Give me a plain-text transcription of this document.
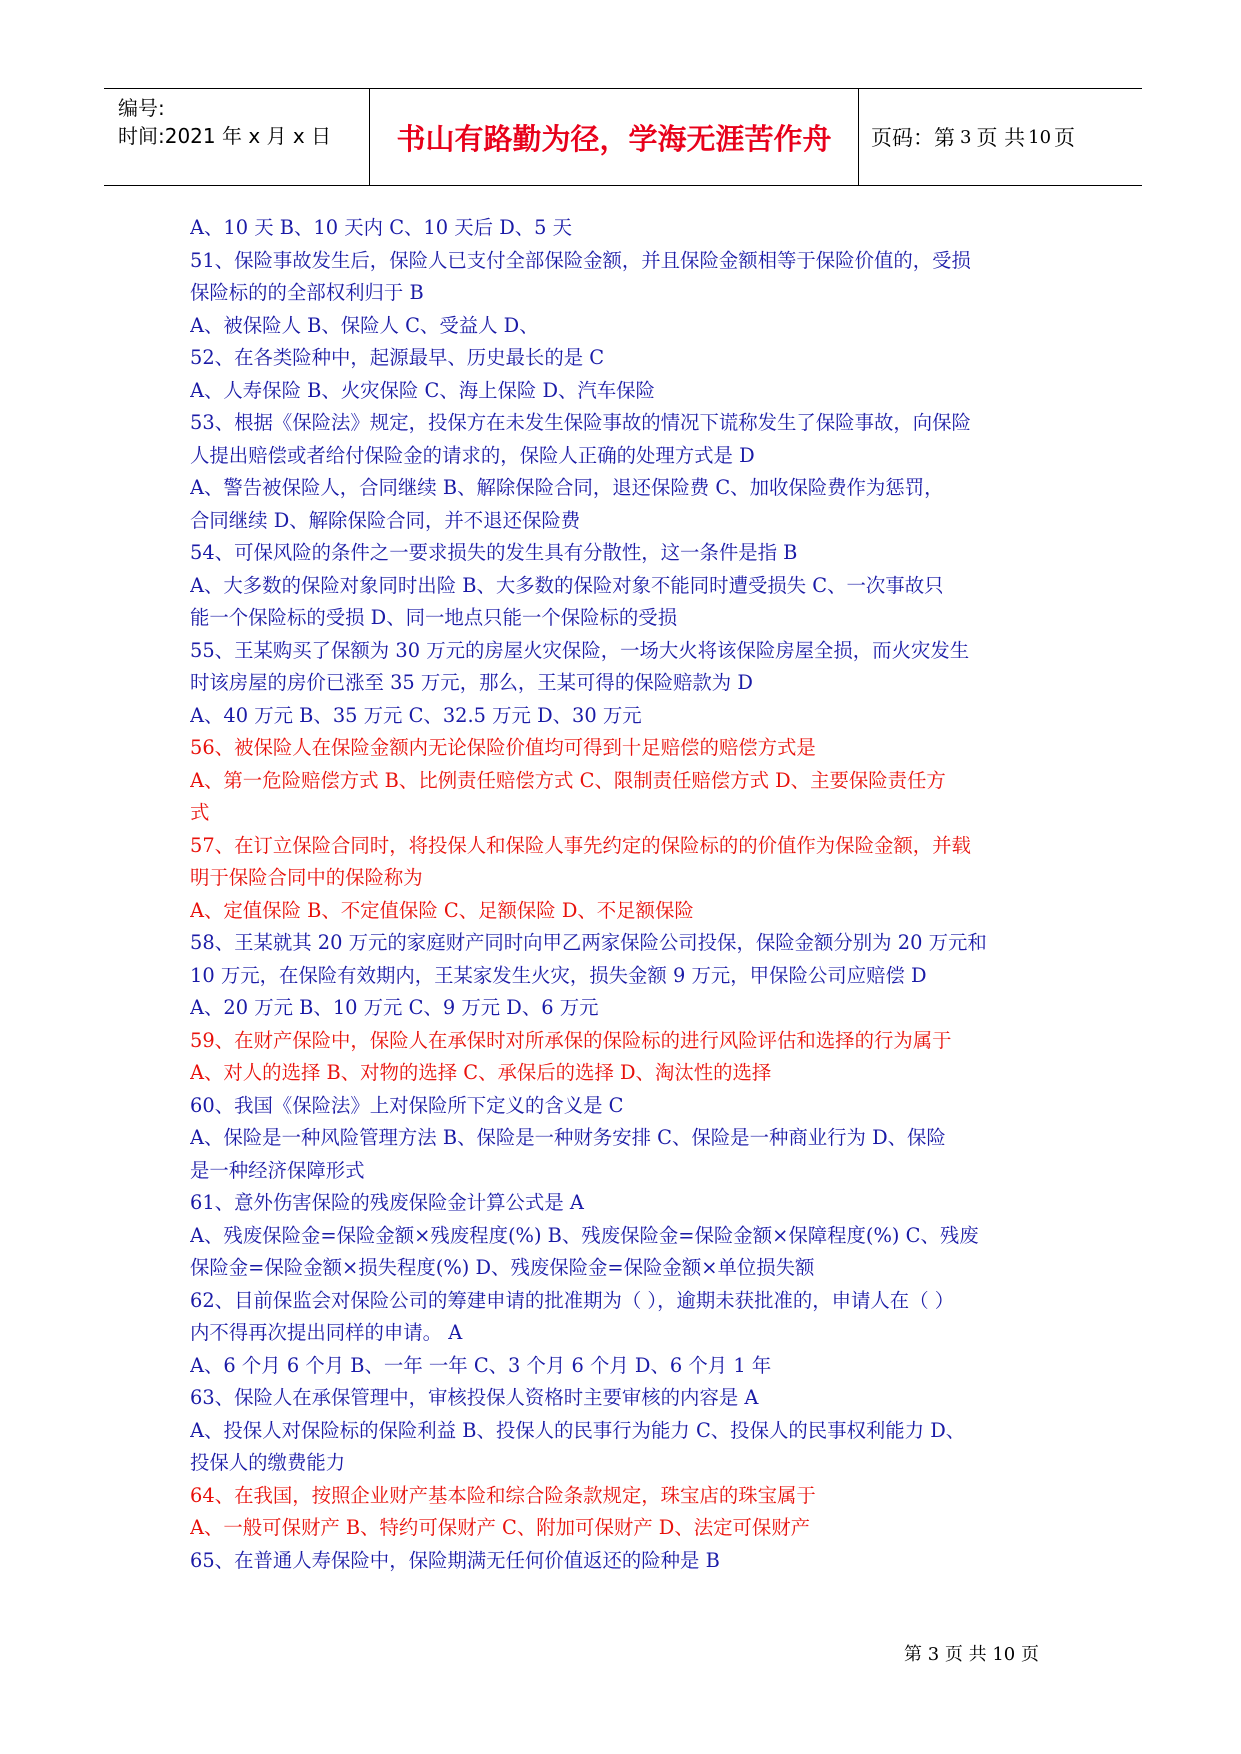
编号:
时间:2021 年 x 月 x 日	书山有路勤为径，学海无涯苦作舟	页码：第 3 页 共 10 页
A、10 天 B、10 天内 C、10 天后 D、5 天
51、保险事故发生后，保险人已支付全部保险金额，并且保险金额相等于保险价值的，受损
保险标的的全部权利归于 B
A、被保险人 B、保险人 C、受益人 D、
52、在各类险种中，起源最早、历史最长的是 C
A、人寿保险 B、火灾保险 C、海上保险 D、汽车保险
53、根据《保险法》规定，投保方在未发生保险事故的情况下谎称发生了保险事故，向保险
人提出赔偿或者给付保险金的请求的，保险人正确的处理方式是 D
A、警告被保险人，合同继续 B、解除保险合同，退还保险费 C、加收保险费作为惩罚，
合同继续 D、解除保险合同，并不退还保险费
54、可保风险的条件之一要求损失的发生具有分散性，这一条件是指 B
A、大多数的保险对象同时出险 B、大多数的保险对象不能同时遭受损失 C、一次事故只
能一个保险标的受损 D、同一地点只能一个保险标的受损
55、王某购买了保额为 30 万元的房屋火灾保险，一场大火将该保险房屋全损，而火灾发生
时该房屋的房价已涨至 35 万元，那么，王某可得的保险赔款为 D
A、40 万元 B、35 万元 C、32.5 万元 D、30 万元
56、被保险人在保险金额内无论保险价值均可得到十足赔偿的赔偿方式是
A、第一危险赔偿方式 B、比例责任赔偿方式 C、限制责任赔偿方式 D、主要保险责任方
式
57、在订立保险合同时，将投保人和保险人事先约定的保险标的的价值作为保险金额，并载
明于保险合同中的保险称为
A、定值保险 B、不定值保险 C、足额保险 D、不足额保险
58、王某就其 20 万元的家庭财产同时向甲乙两家保险公司投保，保险金额分别为 20 万元和
10 万元，在保险有效期内，王某家发生火灾，损失金额 9 万元，甲保险公司应赔偿 D
A、20 万元 B、10 万元 C、9 万元 D、6 万元
59、在财产保险中，保险人在承保时对所承保的保险标的进行风险评估和选择的行为属于
A、对人的选择 B、对物的选择 C、承保后的选择 D、淘汰性的选择
60、我国《保险法》上对保险所下定义的含义是 C
A、保险是一种风险管理方法 B、保险是一种财务安排 C、保险是一种商业行为 D、保险
是一种经济保障形式
61、意外伤害保险的残废保险金计算公式是 A
A、残废保险金=保险金额×残废程度(%) B、残废保险金=保险金额×保障程度(%) C、残废
保险金=保险金额×损失程度(%) D、残废保险金=保险金额×单位损失额
62、目前保监会对保险公司的筹建申请的批准期为（ ），逾期未获批准的，申请人在（ ）
内不得再次提出同样的申请。 A
A、6 个月 6 个月 B、一年 一年 C、3 个月 6 个月 D、6 个月 1 年
63、保险人在承保管理中，审核投保人资格时主要审核的内容是 A
A、投保人对保险标的保险利益 B、投保人的民事行为能力 C、投保人的民事权利能力 D、
投保人的缴费能力
64、在我国，按照企业财产基本险和综合险条款规定，珠宝店的珠宝属于
A、一般可保财产 B、特约可保财产 C、附加可保财产 D、法定可保财产
65、在普通人寿保险中，保险期满无任何价值返还的险种是 B
第 3 页 共 10 页
